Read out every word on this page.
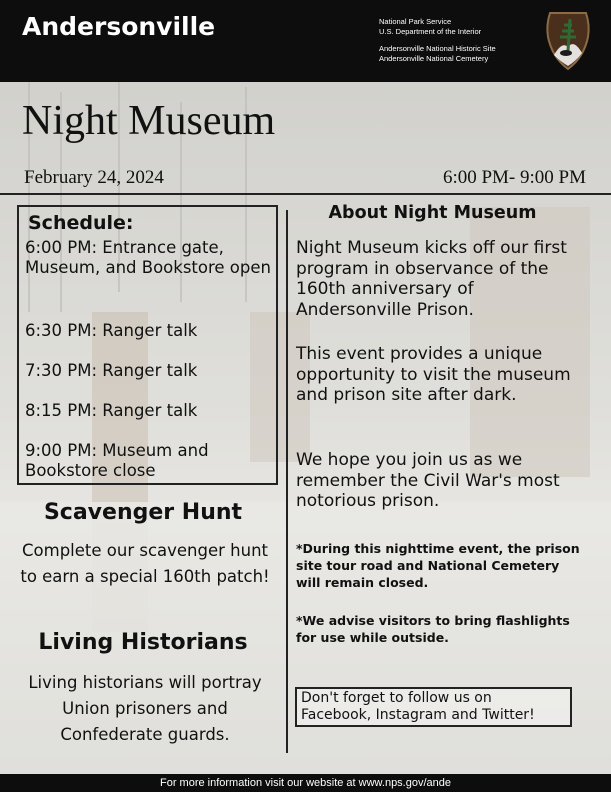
Andersonville	National Park Service
U.S. Department of the Interior
Andersonville National Historic Site
Andersonville National Cemetery
Night Museum
February 24, 2024	6:00 PM- 9:00 PM
Schedule:
6:00 PM: Entrance gate, Museum, and Bookstore open
6:30 PM: Ranger talk
7:30 PM: Ranger talk
8:15 PM: Ranger talk
9:00 PM: Museum and Bookstore close
Scavenger Hunt

Complete our scavenger hunt to earn a special 160th patch!

Living Historians

Living historians will portray Union prisoners and Confederate guards.

About Night Museum

Night Museum kicks off our first program in observance of the 160th anniversary of Andersonville Prison.

This event provides a unique opportunity to visit the museum and prison site after dark.

We hope you join us as we remember the Civil War's most notorious prison.

*During this nighttime event, the prison site tour road and National Cemetery will remain closed.

*We advise visitors to bring flashlights for use while outside.

Don't forget to follow us on Facebook, Instagram and Twitter!
For more information visit our website at www.nps.gov/ande
